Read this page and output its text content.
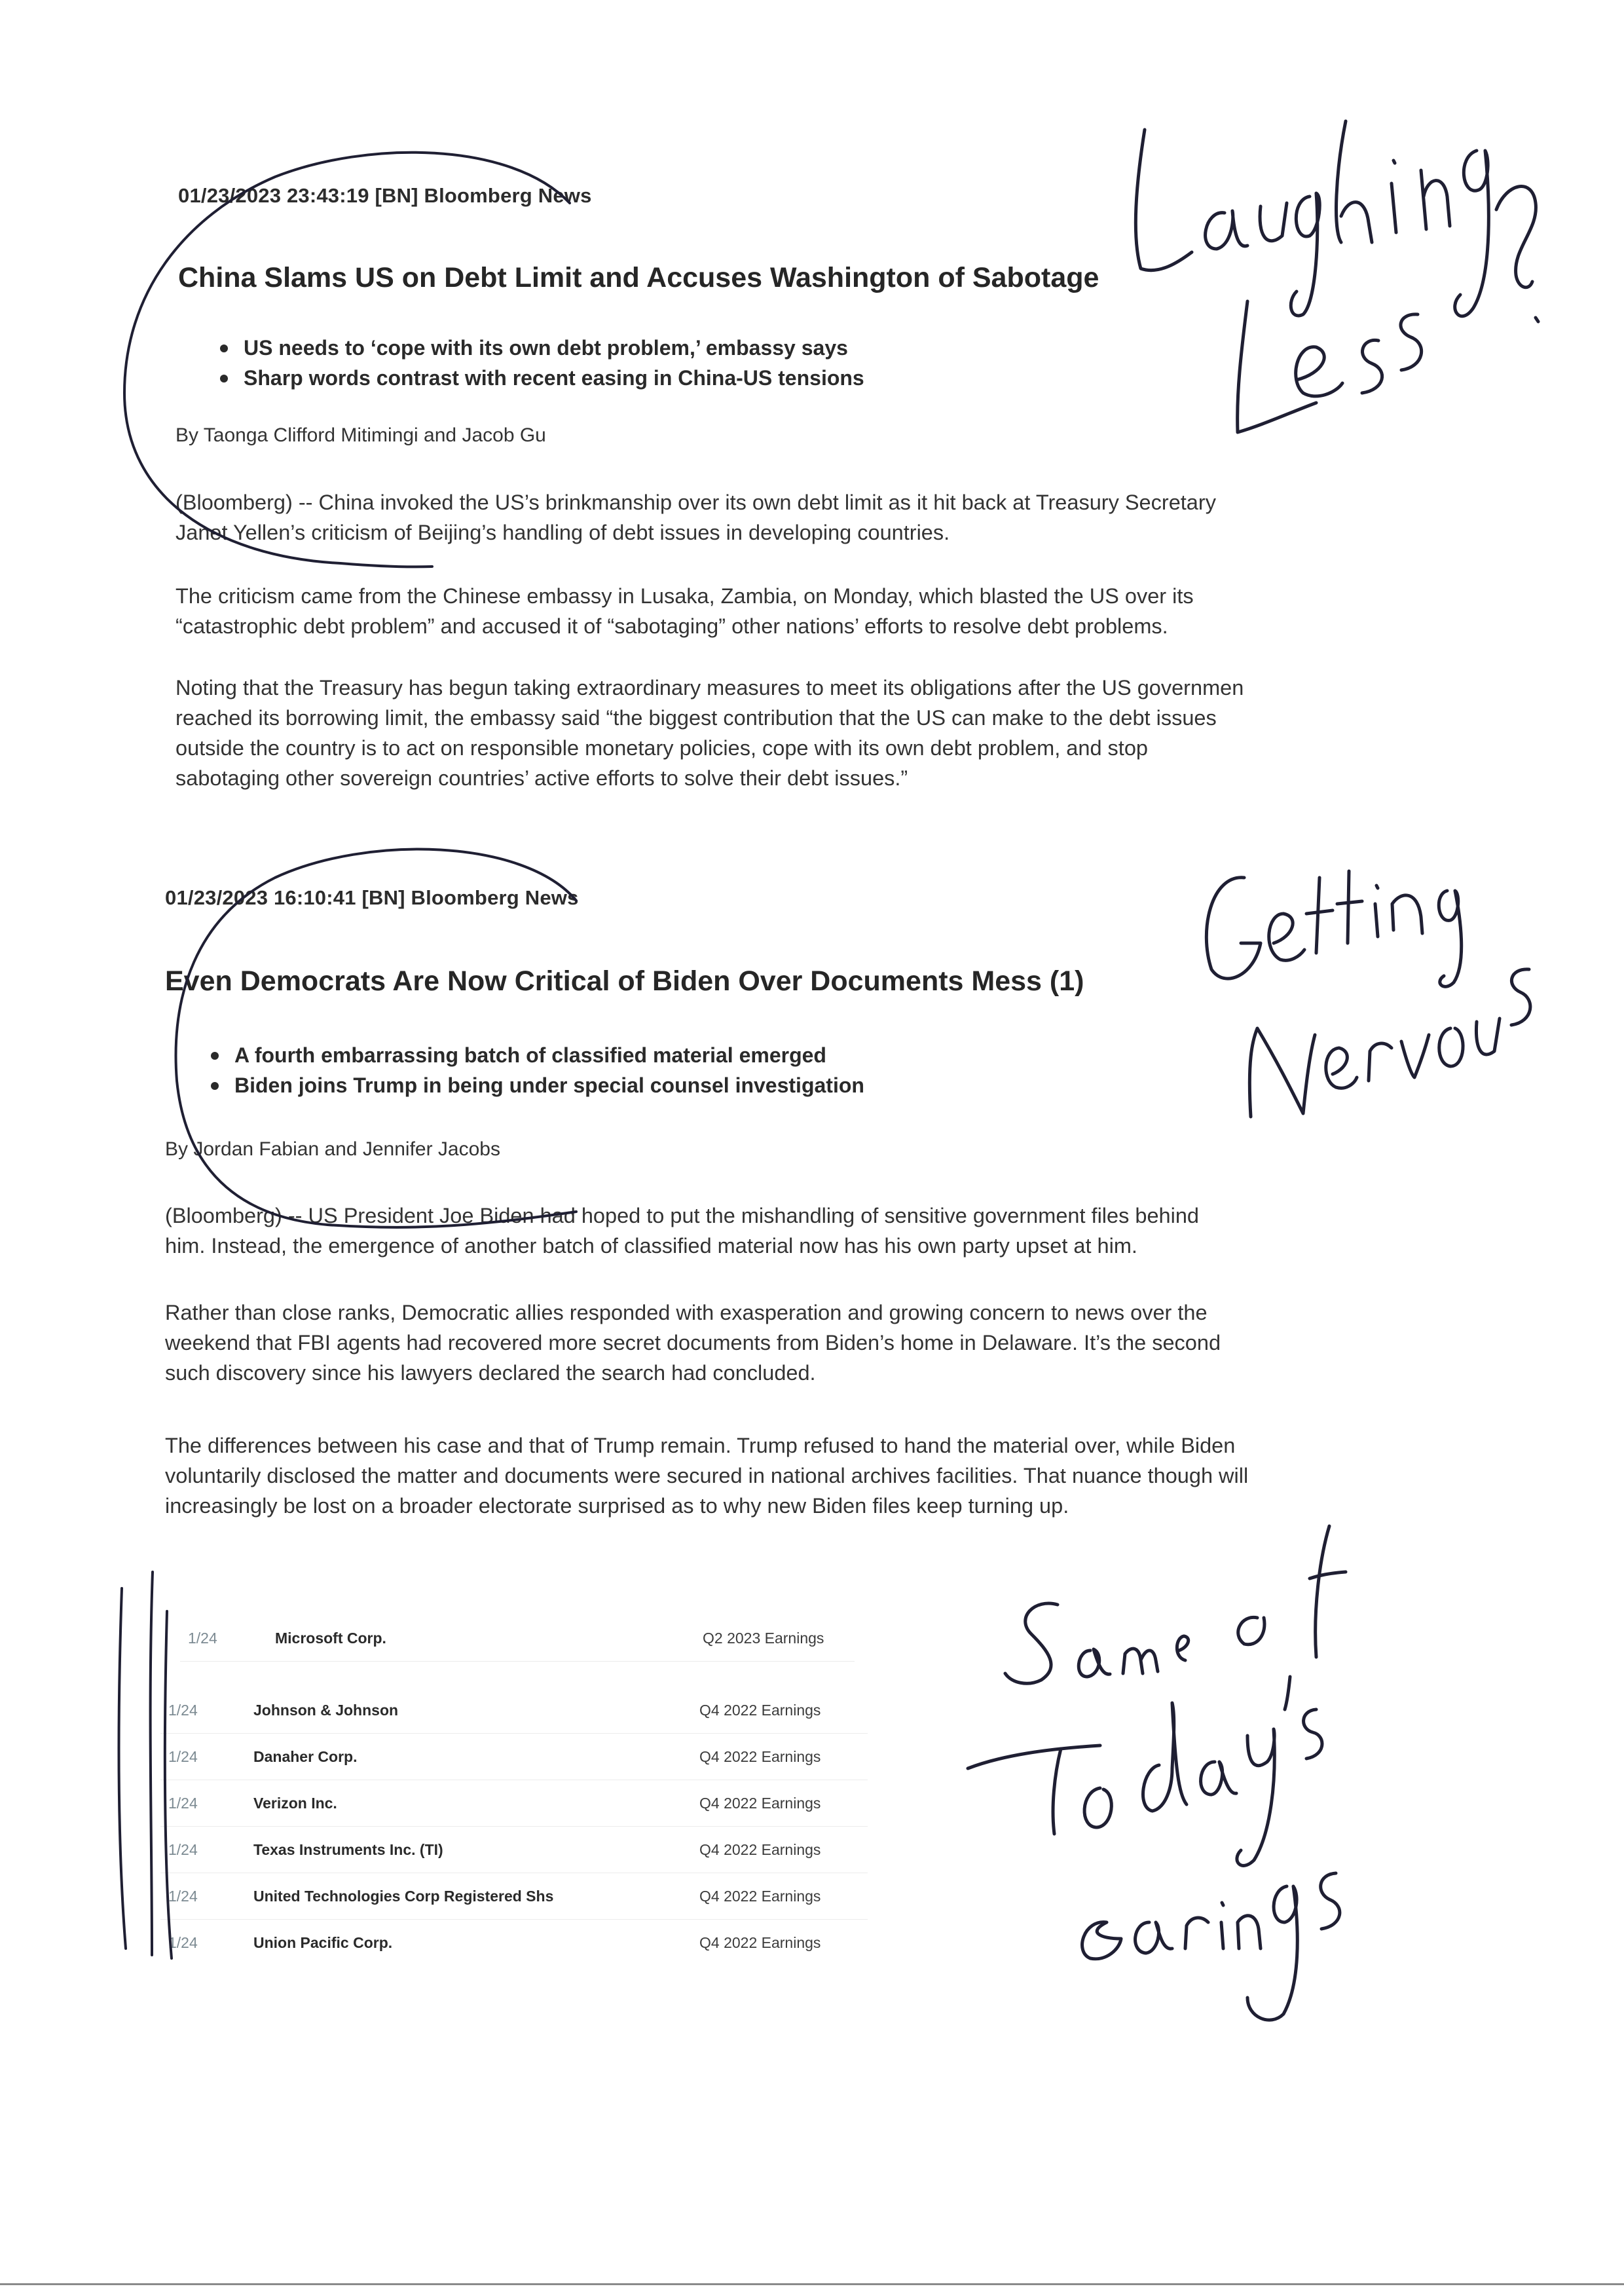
01/23/2023 23:43:19 [BN] Bloomberg News
China Slams US on Debt Limit and Accuses Washington of Sabotage
US needs to ‘cope with its own debt problem,’ embassy says
Sharp words contrast with recent easing in China-US tensions
By Taonga Clifford Mitimingi and Jacob Gu
(Bloomberg) -- China invoked the US’s brinkmanship over its own debt limit as it hit back at Treasury Secretary
Janet Yellen’s criticism of Beijing’s handling of debt issues in developing countries.
The criticism came from the Chinese embassy in Lusaka, Zambia, on Monday, which blasted the US over its
“catastrophic debt problem” and accused it of “sabotaging” other nations’ efforts to resolve debt problems.
Noting that the Treasury has begun taking extraordinary measures to meet its obligations after the US governmen
reached its borrowing limit, the embassy said “the biggest contribution that the US can make to the debt issues
outside the country is to act on responsible monetary policies, cope with its own debt problem, and stop
sabotaging other sovereign countries’ active efforts to solve their debt issues.”
01/23/2023 16:10:41 [BN] Bloomberg News
Even Democrats Are Now Critical of Biden Over Documents Mess (1)
A fourth embarrassing batch of classified material emerged
Biden joins Trump in being under special counsel investigation
By Jordan Fabian and Jennifer Jacobs
(Bloomberg) -- US President Joe Biden had hoped to put the mishandling of sensitive government files behind
him. Instead, the emergence of another batch of classified material now has his own party upset at him.
Rather than close ranks, Democratic allies responded with exasperation and growing concern to news over the
weekend that FBI agents had recovered more secret documents from Biden’s home in Delaware. It’s the second
such discovery since his lawyers declared the search had concluded.
The differences between his case and that of Trump remain. Trump refused to hand the material over, while Biden
voluntarily disclosed the matter and documents were secured in national archives facilities. That nuance though will
increasingly be lost on a broader electorate surprised as to why new Biden files keep turning up.
1/24	Microsoft Corp.	Q2 2023 Earnings
1/24	Johnson & Johnson	Q4 2022 Earnings
1/24	Danaher Corp.	Q4 2022 Earnings
1/24	Verizon Inc.	Q4 2022 Earnings
1/24	Texas Instruments Inc. (TI)	Q4 2022 Earnings
1/24	United Technologies Corp Registered Shs	Q4 2022 Earnings
1/24	Union Pacific Corp.	Q4 2022 Earnings
